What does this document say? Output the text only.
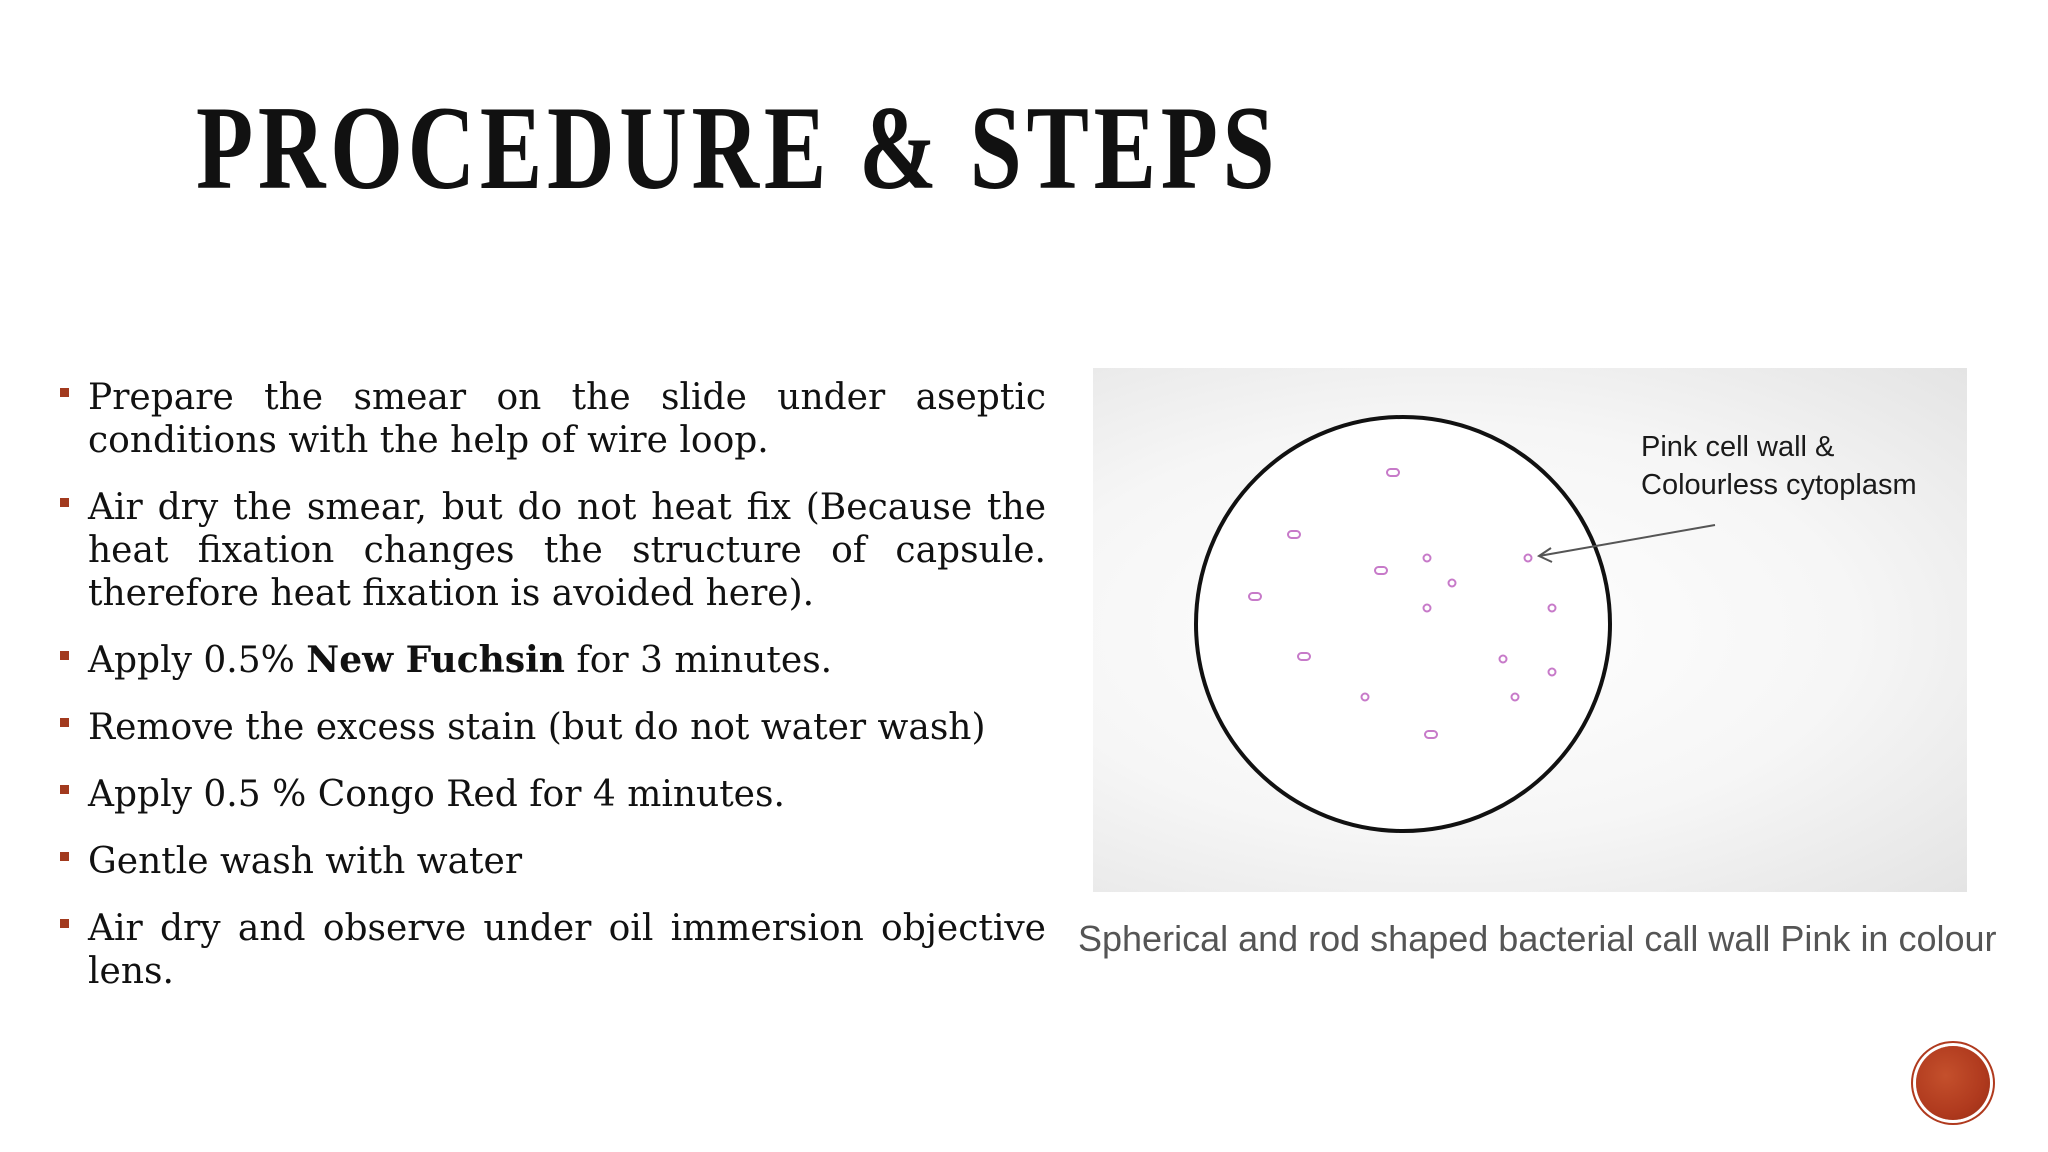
PROCEDURE & STEPS
Prepare the smear on the slide under aseptic conditions with the help of wire loop.
Air dry the smear, but do not heat fix (Because the heat fixation changes the structure of capsule. therefore heat fixation is avoided here).
Apply 0.5% New Fuchsin for 3 minutes.
Remove the excess stain (but do not water wash)
Apply 0.5 % Congo Red for 4 minutes.
Gentle wash with water
Air dry and observe under oil immersion objective lens.
Pink cell wall &
Colourless cytoplasm
Spherical and rod shaped bacterial call wall Pink in colour
